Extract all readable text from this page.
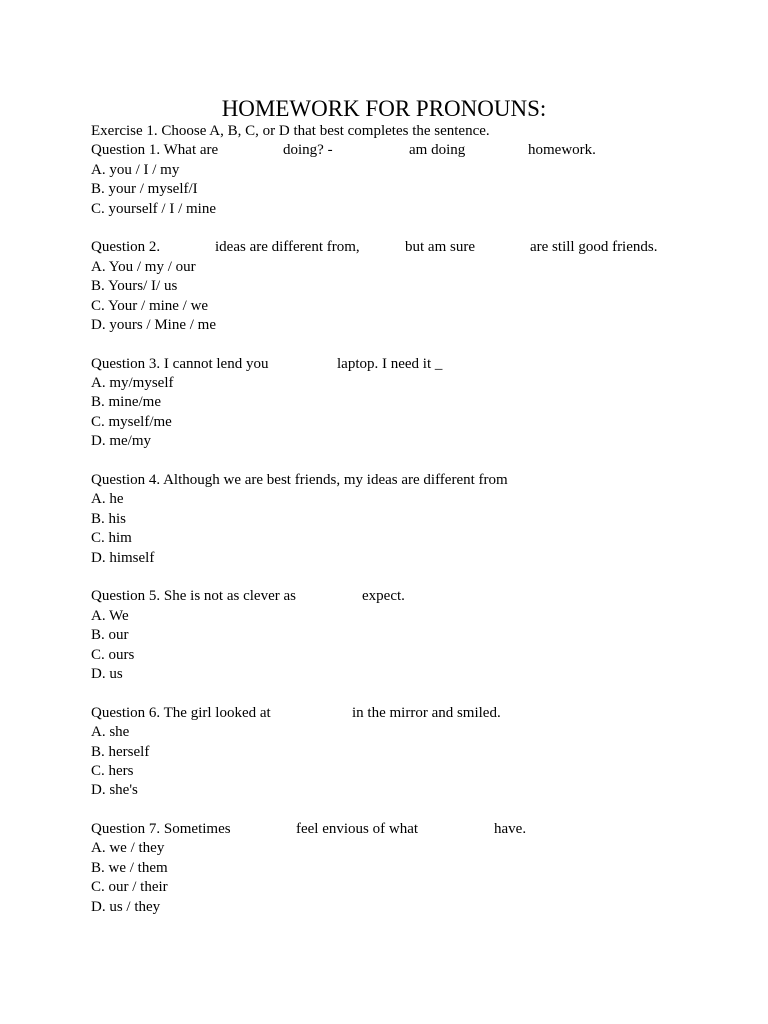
HOMEWORK FOR PRONOUNS:
Exercise 1. Choose A, B, C, or D that best completes the sentence.
Question 1. What are	doing? -	am doing	homework.
A. you / I / my
B. your / myself/I
C. yourself / I / mine
Question 2.	ideas are different from,	but am sure	are still good friends.
A. You / my / our
B. Yours/ I/ us
C. Your / mine / we
D. yours / Mine / me
Question 3. I cannot lend you	laptop. I need it _
A. my/myself
B. mine/me
C. myself/me
D. me/my
Question 4. Although we are best friends, my ideas are different from
A. he
B. his
C. him
D. himself
Question 5. She is not as clever as	expect.
A. We
B. our
C. ours
D. us
Question 6. The girl looked at	in the mirror and smiled.
A. she
B. herself
C. hers
D. she's
Question 7. Sometimes	feel envious of what	have.
A. we / they
B. we / them
C. our / their
D. us / they
